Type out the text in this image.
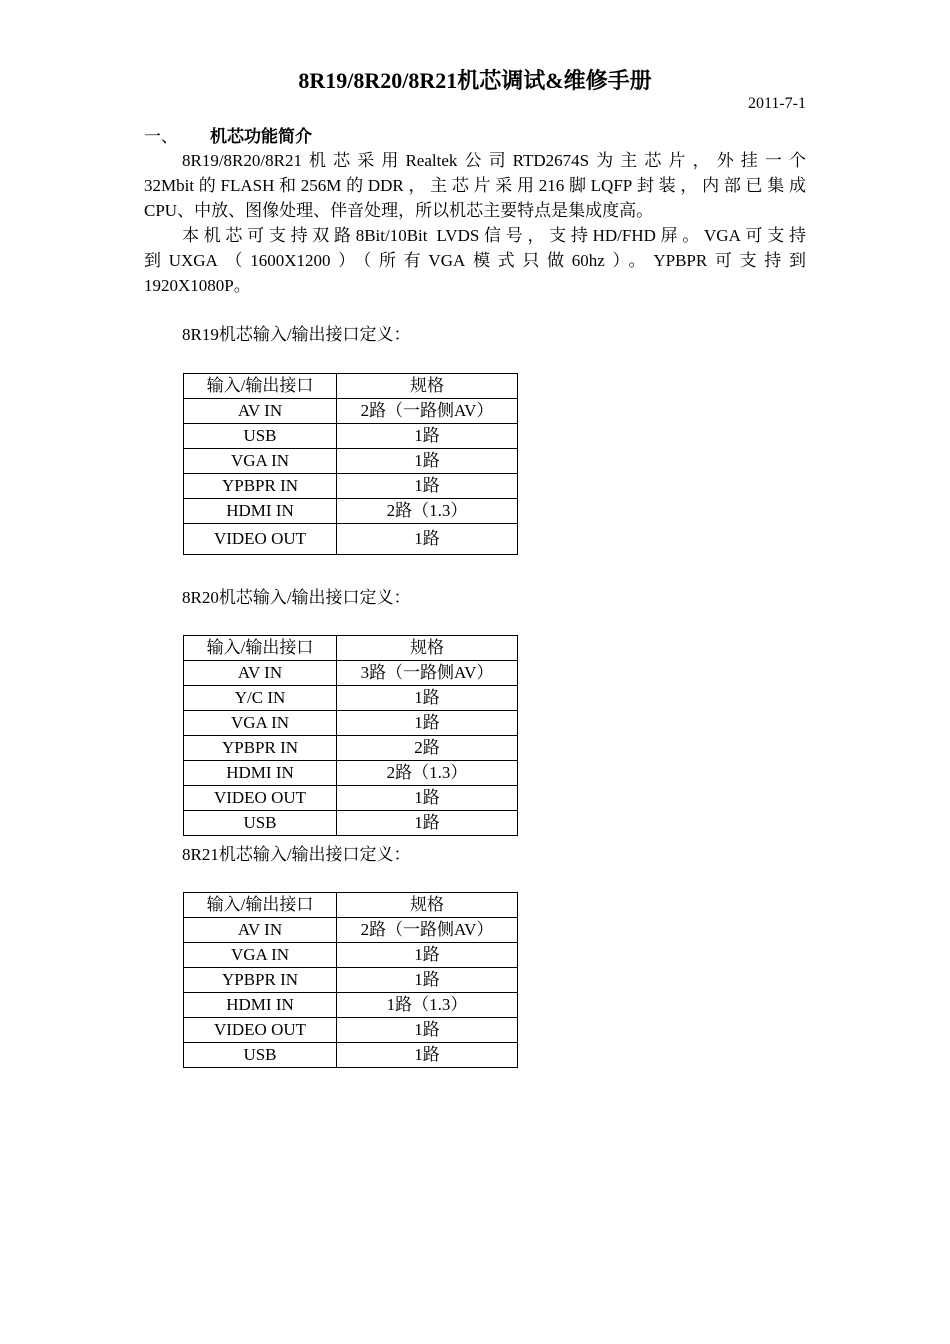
8R19/8R20/8R21机芯调试&维修手册
2011-7-1
一、 机芯功能简介
8R19/8R20/8R21机芯采用Realtek公司RTD2674S为主芯片，外挂一个
32Mbit的FLASH和256M的DDR，主芯片采用216脚LQFP封装，内部已集成
CPU、中放、图像处理、伴音处理，所以机芯主要特点是集成度高。
本机芯可支持双路8Bit/10Bit LVDS信号，支持HD/FHD屏。VGA可支持
到UXGA（1600X1200）（所有VGA模式只做60hz）。YPBPR可支持到
1920X1080P。
8R19机芯输入/输出接口定义：
输入/输出接口	规格
AV IN	2路（一路侧AV）
USB	1路
VGA IN	1路
YPBPR IN	1路
HDMI IN	2路（1.3）
VIDEO OUT	1路
8R20机芯输入/输出接口定义：
输入/输出接口	规格
AV IN	3路（一路侧AV）
Y/C IN	1路
VGA IN	1路
YPBPR IN	2路
HDMI IN	2路（1.3）
VIDEO OUT	1路
USB	1路
8R21机芯输入/输出接口定义：
输入/输出接口	规格
AV IN	2路（一路侧AV）
VGA IN	1路
YPBPR IN	1路
HDMI IN	1路（1.3）
VIDEO OUT	1路
USB	1路
